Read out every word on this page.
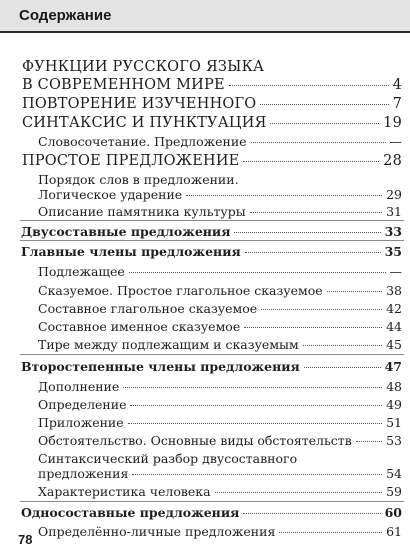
Содержание
ФУНКЦИИ РУССКОГО ЯЗЫКА
В СОВРЕМЕННОМ МИРЕ	4
ПОВТОРЕНИЕ ИЗУЧЕННОГО	7
СИНТАКСИС И ПУНКТУАЦИЯ	19
Словосочетание. Предложение	—
ПРОСТОЕ ПРЕДЛОЖЕНИЕ	28
Порядок слов в предложении.
Логическое ударение	29
Описание памятника культуры	31
Двусоставные предложения	33
Главные члены предложения	35
Подлежащее	—
Сказуемое. Простое глагольное сказуемое	38
Составное глагольное сказуемое	42
Составное именное сказуемое	44
Тире между подлежащим и сказуемым	45
Второстепенные члены предложения	47
Дополнение	48
Определение	49
Приложение	51
Обстоятельство. Основные виды обстоятельств	53
Синтаксический разбор двусоставного
предложения	54
Характеристика человека	59
Односоставные предложения	60
Определённо-личные предложения	61
78
